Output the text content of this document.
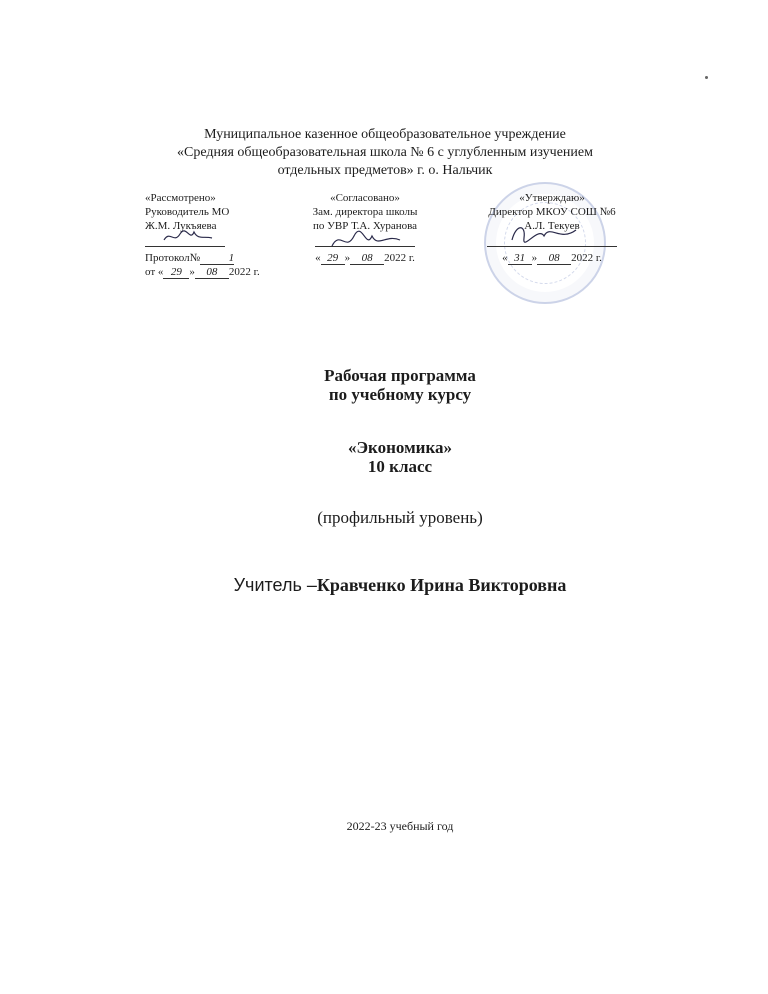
Муниципальное казенное общеобразовательное учреждение
«Средняя общеобразовательная школа № 6 с углубленным изучением
отдельных предметов» г. о. Нальчик
«Рассмотрено»
Руководитель МО
Ж.М. Лукъяева
Протокол№	1
от « 29 » 08 2022 г.
«Согласовано»
Зам. директора школы
по УВР Т.А. Хуранова
« 29 » 08 2022 г.
«Утверждаю»
Директор МКОУ СОШ №6
А.Л. Текуев
« 31 » 08 2022 г.
Рабочая программа
по учебному курсу
«Экономика»
10 класс
(профильный уровень)
Учитель –Кравченко Ирина Викторовна
2022-23 учебный год
